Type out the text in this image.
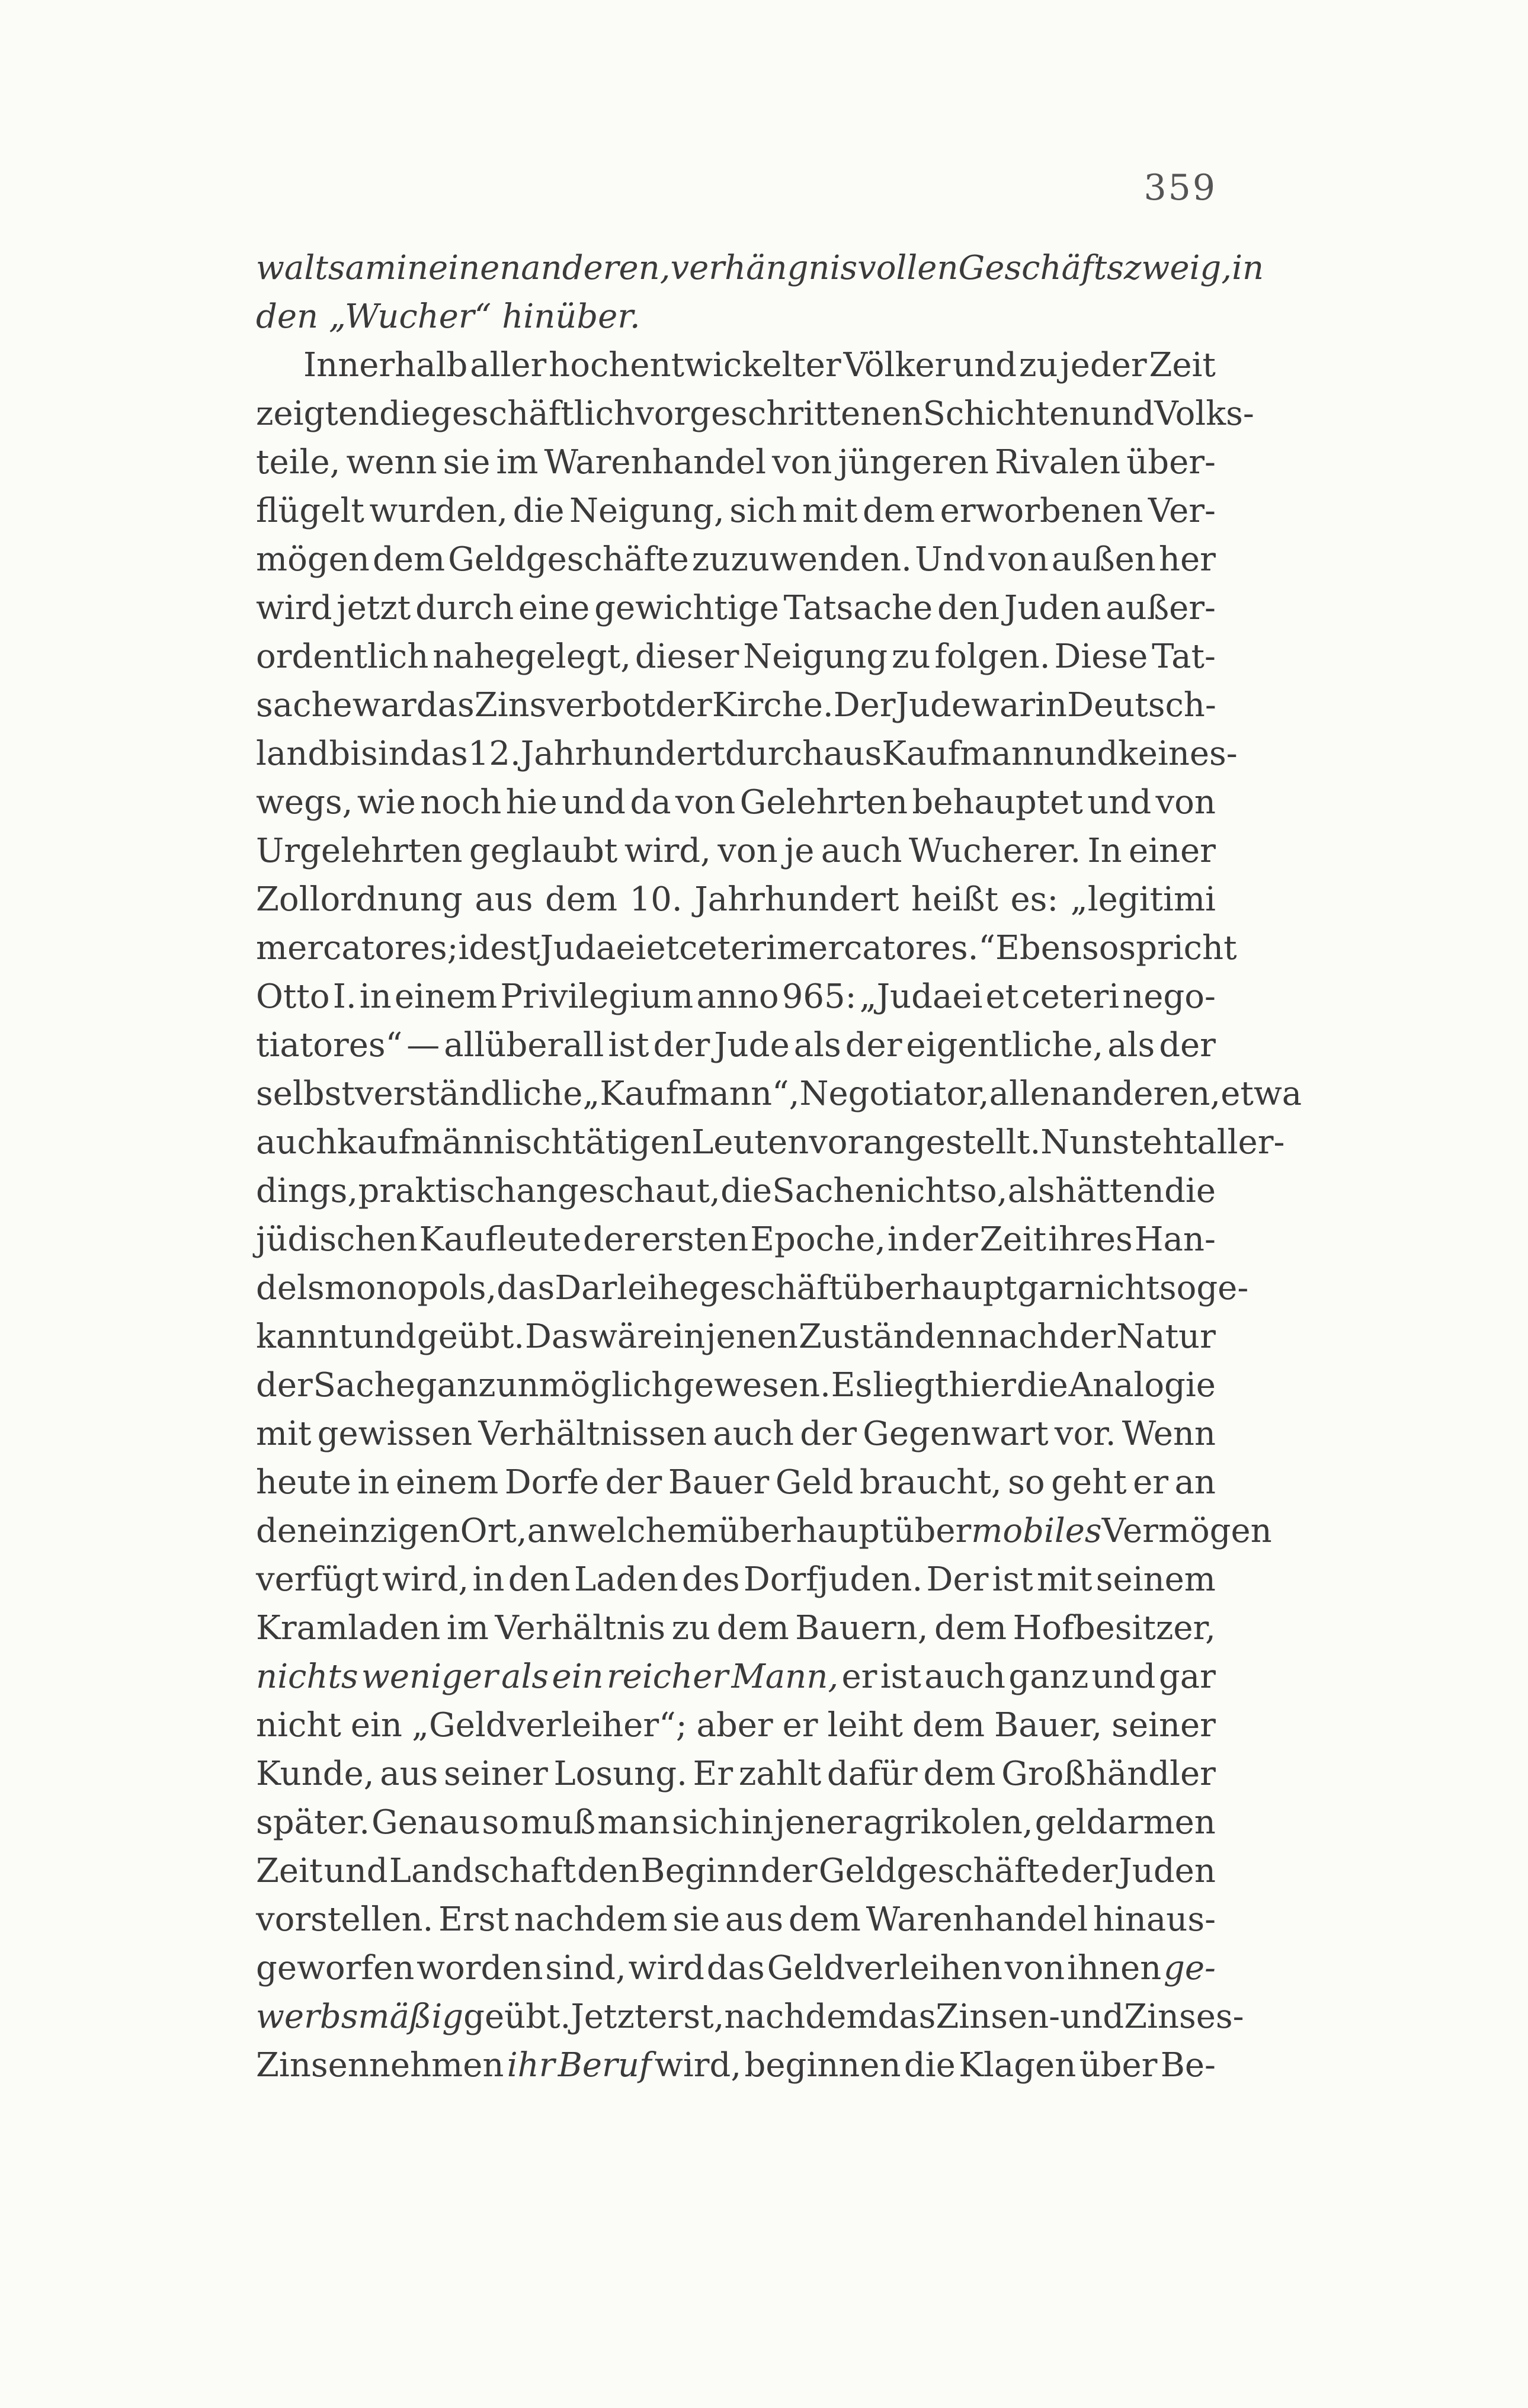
359
waltsam in einen anderen, verhängnisvollen Geschäftszweig, in
den „Wucher“ hinüber.
Innerhalb aller hochentwickelter Völker und zu jeder Zeit
zeigten die geschäftlich vorgeschrittenen Schichten und Volks-
teile, wenn sie im Warenhandel von jüngeren Rivalen über-
flügelt wurden, die Neigung, sich mit dem erworbenen Ver-
mögen dem Geldgeschäfte zuzuwenden. Und von außen her
wird jetzt durch eine gewichtige Tatsache den Juden außer-
ordentlich nahegelegt, dieser Neigung zu folgen. Diese Tat-
sache war das Zinsverbot der Kirche. Der Jude war in Deutsch-
land bis in das 12. Jahrhundert durchaus Kaufmann und keines-
wegs, wie noch hie und da von Gelehrten behauptet und von
Urgelehrten geglaubt wird, von je auch Wucherer. In einer
Zollordnung aus dem 10. Jahrhundert heißt es: „legitimi
mercatores; id est Judaei et ceteri mercatores.“ Ebenso spricht
Otto I. in einem Privilegium anno 965: „Judaei et ceteri nego-
tiatores“ — allüberall ist der Jude als der eigentliche, als der
selbstverständliche „Kaufmann“, Negotiator, allen anderen, etwa
auch kaufmännisch tätigen Leuten vorangestellt. Nun steht aller-
dings, praktisch angeschaut, die Sache nicht so, als hätten die
jüdischen Kaufleute der ersten Epoche, in der Zeit ihres Han-
delsmonopols, das Darleihegeschäft überhaupt gar nicht so ge-
kannt und geübt. Das wäre in jenen Zuständen nach der Natur
der Sache ganz unmöglich gewesen. Es liegt hier die Analogie
mit gewissen Verhältnissen auch der Gegenwart vor. Wenn
heute in einem Dorfe der Bauer Geld braucht, so geht er an
den einzigen Ort, an welchem überhaupt über mobiles Vermögen
verfügt wird, in den Laden des Dorfjuden. Der ist mit seinem
Kramladen im Verhältnis zu dem Bauern, dem Hofbesitzer,
nichts weniger als ein reicher Mann, er ist auch ganz und gar
nicht ein „Geldverleiher“; aber er leiht dem Bauer, seiner
Kunde, aus seiner Losung. Er zahlt dafür dem Großhändler
später. Genau so muß man sich in jener agrikolen, geldarmen
Zeit und Landschaft den Beginn der Geldgeschäfte der Juden
vorstellen. Erst nachdem sie aus dem Warenhandel hinaus-
geworfen worden sind, wird das Geldverleihen von ihnen ge-
werbsmäßig geübt. Jetzt erst, nachdem das Zinsen- und Zinses-
Zinsennehmen ihr Beruf wird, beginnen die Klagen über Be-
